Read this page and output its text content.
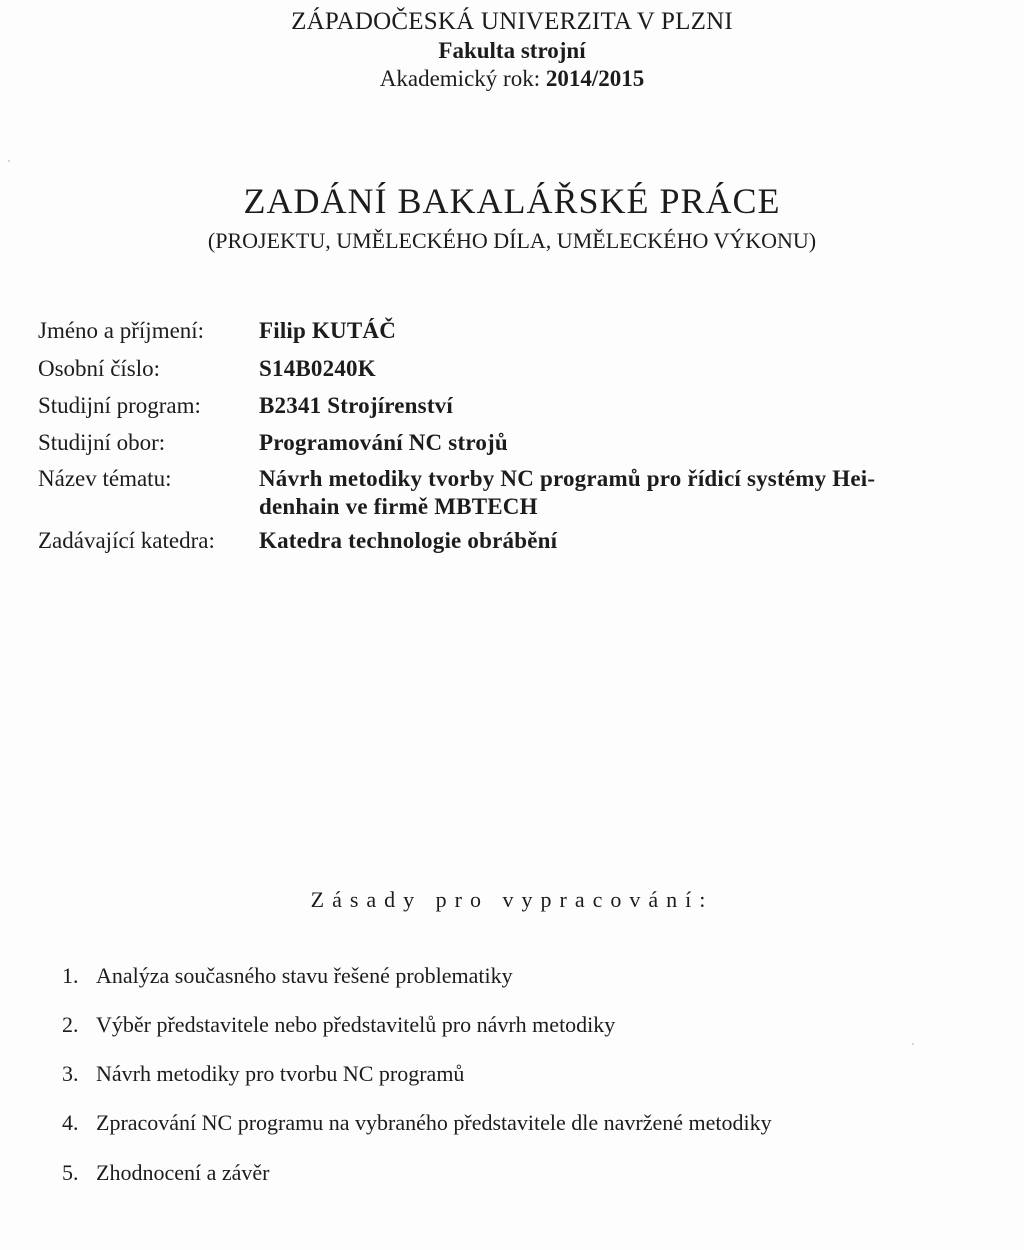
ZÁPADOČESKÁ UNIVERZITA V PLZNI
Fakulta strojní
Akademický rok: 2014/2015
ZADÁNÍ BAKALÁŘSKÉ PRÁCE
(PROJEKTU, UMĚLECKÉHO DÍLA, UMĚLECKÉHO VÝKONU)
Jméno a příjmení: Filip KUTÁČ
Osobní číslo:	S14B0240K
Studijní program:	B2341 Strojírenství
Studijní obor:	Programování NC strojů
Název tématu:	Návrh metodiky tvorby NC programů pro řídicí systémy Hei-
denhain ve firmě MBTECH
Zadávající katedra: Katedra technologie obrábění
Zásady pro vypracování:
1. Analýza současného stavu řešené problematiky
2. Výběr představitele nebo představitelů pro návrh metodiky
3. Návrh metodiky pro tvorbu NC programů
4. Zpracování NC programu na vybraného představitele dle navržené metodiky
5. Zhodnocení a závěr
